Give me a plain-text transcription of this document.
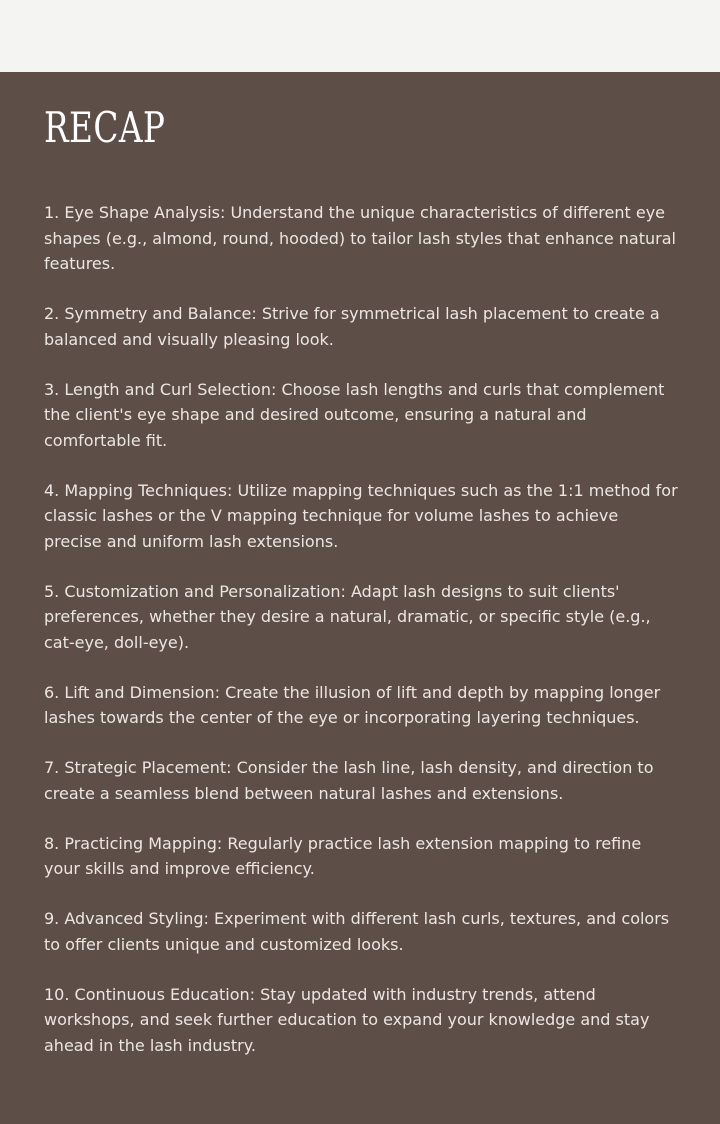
RECAP

1. Eye Shape Analysis: Understand the unique characteristics of different eye shapes (e.g., almond, round, hooded) to tailor lash styles that enhance natural features.

2. Symmetry and Balance: Strive for symmetrical lash placement to create a balanced and visually pleasing look.

3. Length and Curl Selection: Choose lash lengths and curls that complement the client's eye shape and desired outcome, ensuring a natural and comfortable fit.

4. Mapping Techniques: Utilize mapping techniques such as the 1:1 method for classic lashes or the V mapping technique for volume lashes to achieve precise and uniform lash extensions.

5. Customization and Personalization: Adapt lash designs to suit clients' preferences, whether they desire a natural, dramatic, or specific style (e.g., cat-eye, doll-eye).

6. Lift and Dimension: Create the illusion of lift and depth by mapping longer lashes towards the center of the eye or incorporating layering techniques.

7. Strategic Placement: Consider the lash line, lash density, and direction to create a seamless blend between natural lashes and extensions.

8. Practicing Mapping: Regularly practice lash extension mapping to refine your skills and improve efficiency.

9. Advanced Styling: Experiment with different lash curls, textures, and colors to offer clients unique and customized looks.

10. Continuous Education: Stay updated with industry trends, attend workshops, and seek further education to expand your knowledge and stay ahead in the lash industry.
